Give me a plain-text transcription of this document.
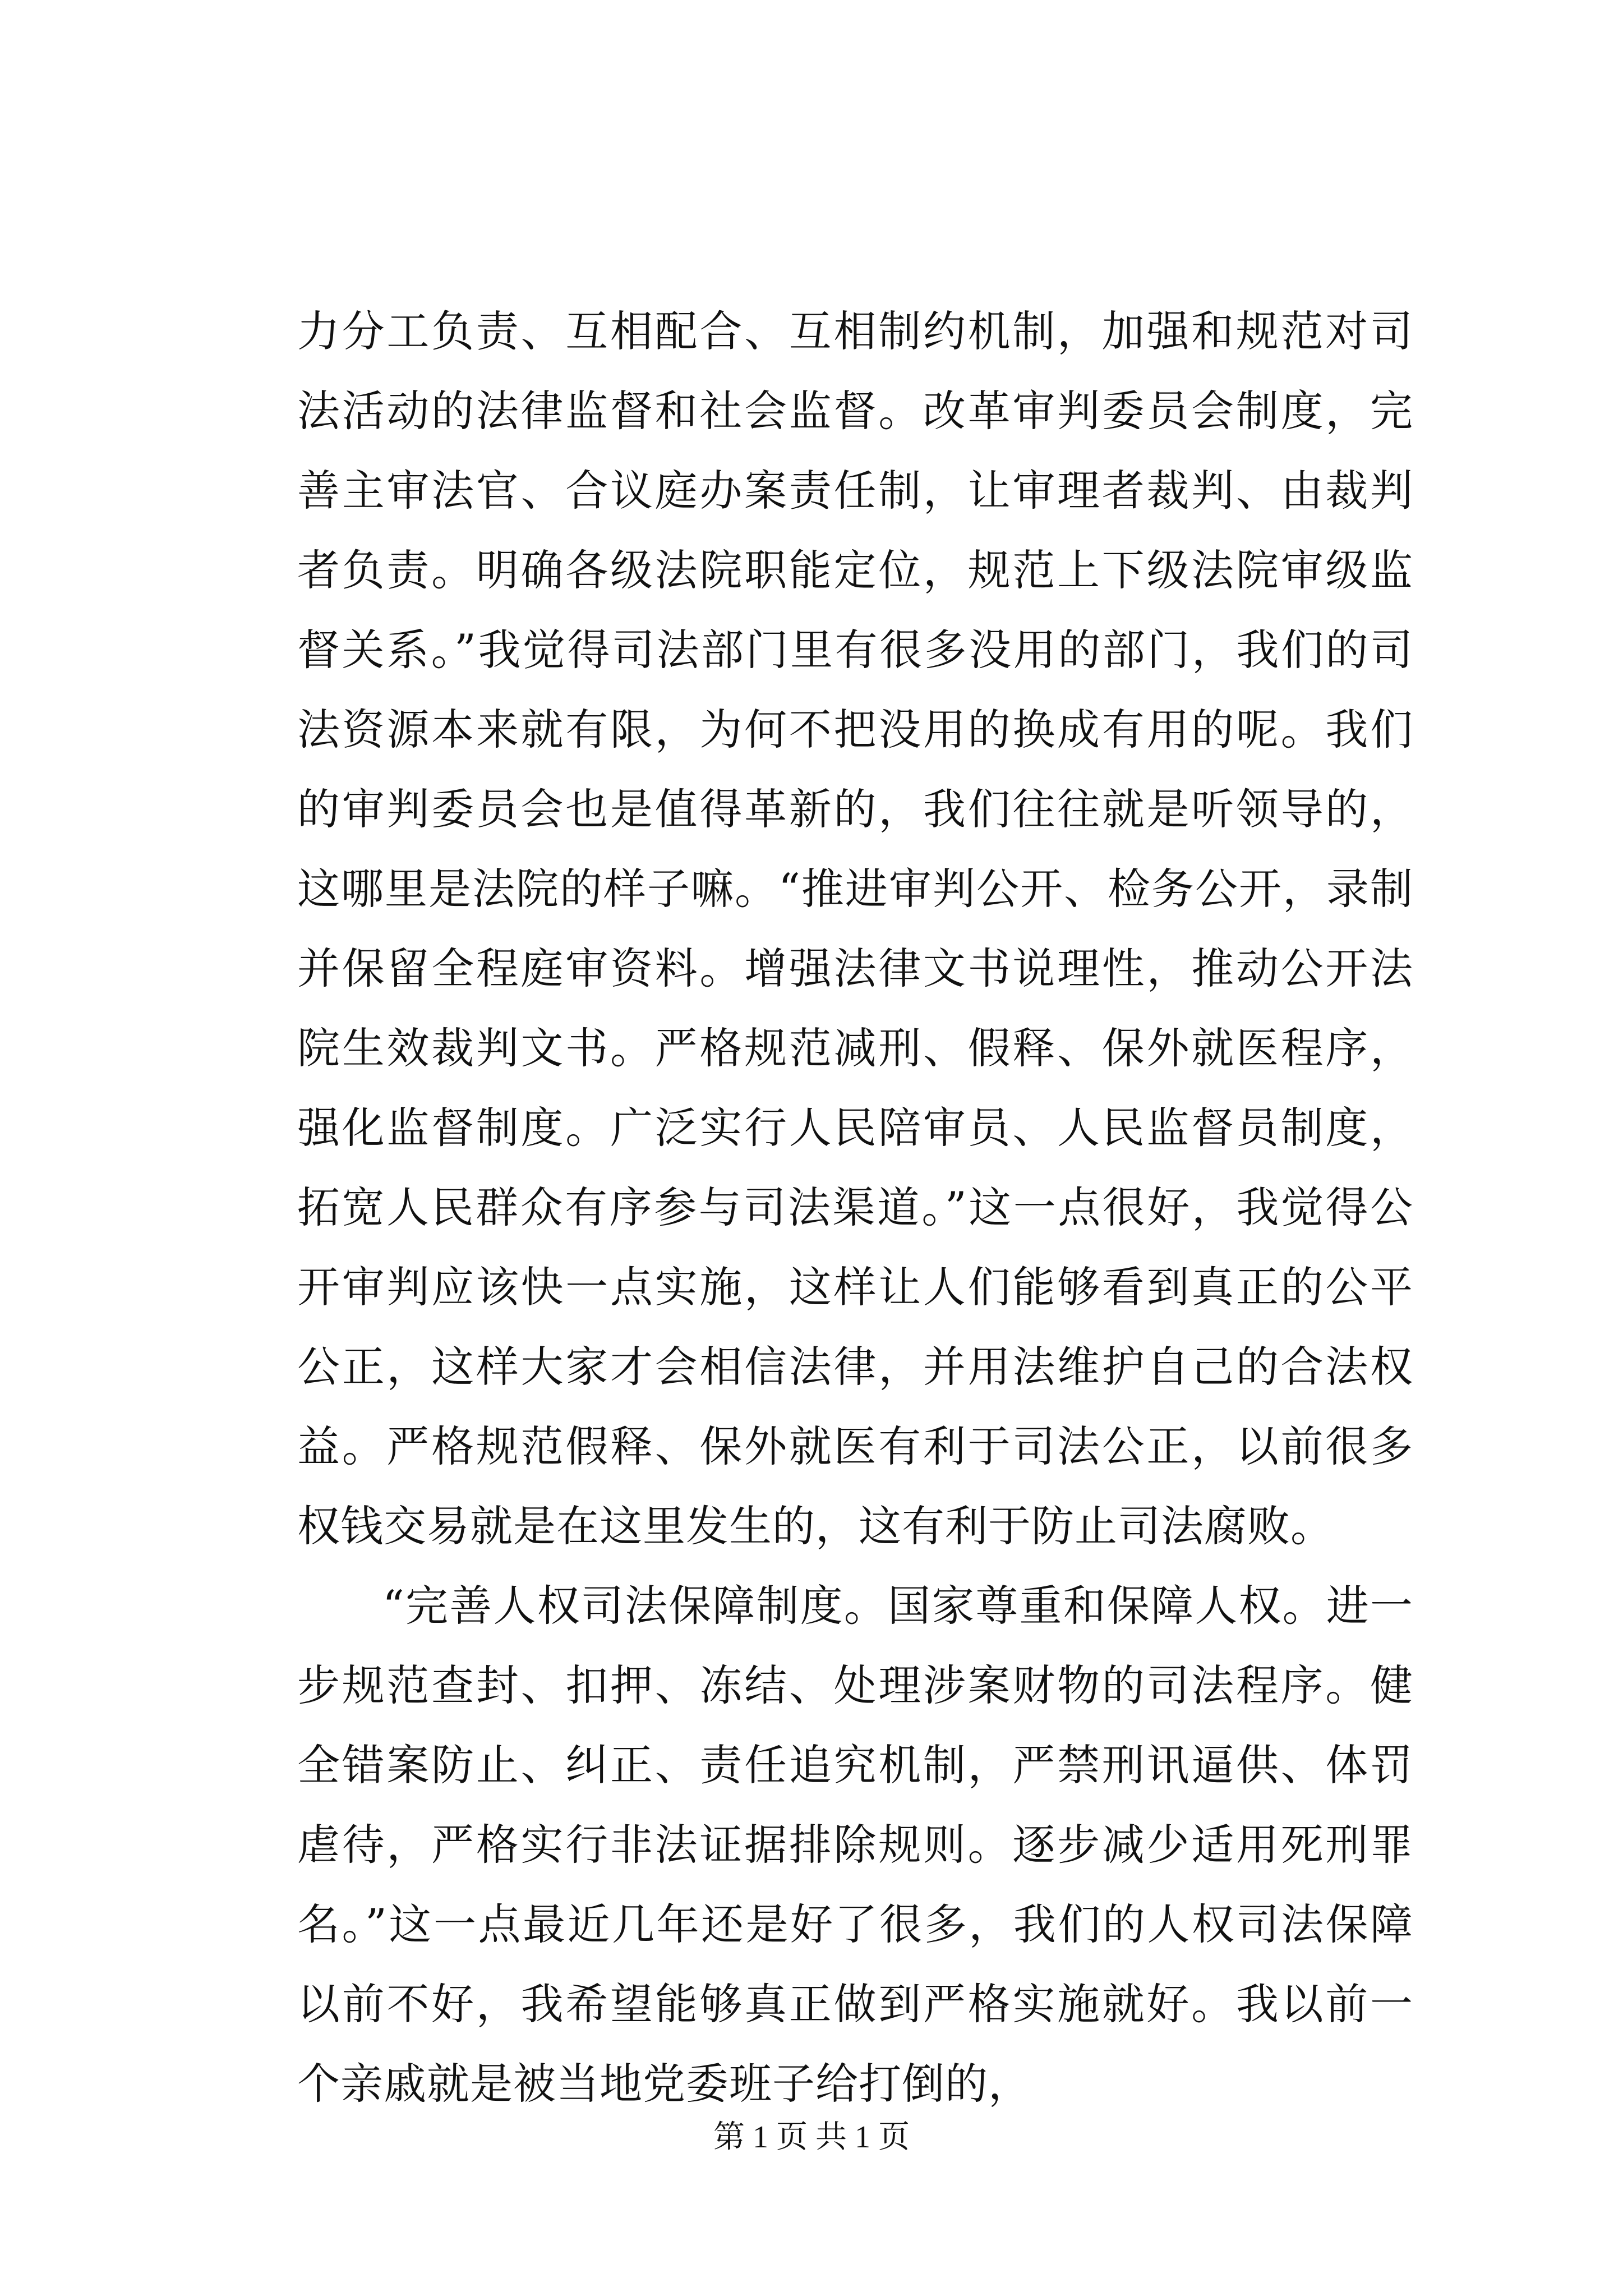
力分工负责、互相配合、互相制约机制，加强和规范对司法活动的法律监督和社会监督。改革审判委员会制度，完善主审法官、合议庭办案责任制，让审理者裁判、由裁判者负责。明确各级法院职能定位，规范上下级法院审级监督关系。”我觉得司法部门里有很多没用的部门，我们的司法资源本来就有限，为何不把没用的换成有用的呢。我们的审判委员会也是值得革新的，我们往往就是听领导的，这哪里是法院的样子嘛。“推进审判公开、检务公开，录制并保留全程庭审资料。增强法律文书说理性，推动公开法院生效裁判文书。严格规范减刑、假释、保外就医程序，强化监督制度。广泛实行人民陪审员、人民监督员制度，拓宽人民群众有序参与司法渠道。”这一点很好，我觉得公开审判应该快一点实施，这样让人们能够看到真正的公平公正，这样大家才会相信法律，并用法维护自己的合法权益。严格规范假释、保外就医有利于司法公正，以前很多权钱交易就是在这里发生的，这有利于防止司法腐败。

“完善人权司法保障制度。国家尊重和保障人权。进一步规范查封、扣押、冻结、处理涉案财物的司法程序。健全错案防止、纠正、责任追究机制，严禁刑讯逼供、体罚虐待，严格实行非法证据排除规则。逐步减少适用死刑罪名。”这一点最近几年还是好了很多，我们的人权司法保障以前不好，我希望能够真正做到严格实施就好。我以前一个亲戚就是被当地党委班子给打倒的，

第 1 页 共 1 页
